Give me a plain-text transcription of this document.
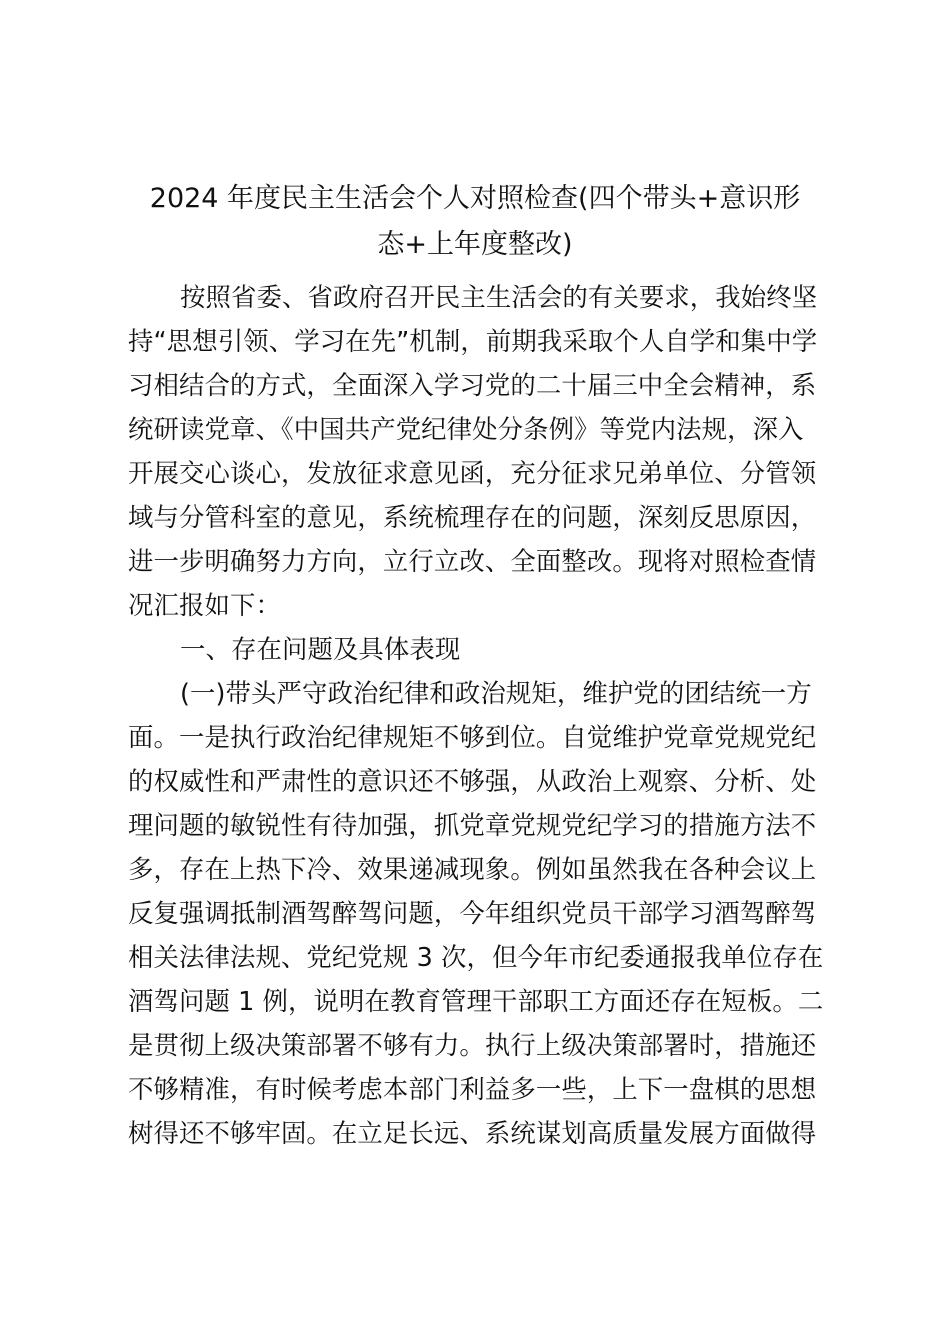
2024 年度民主生活会个人对照检查(四个带头+意识形
态+上年度整改)
按照省委、省政府召开民主生活会的有关要求，我始终坚
持“思想引领、学习在先”机制，前期我采取个人自学和集中学
习相结合的方式，全面深入学习党的二十届三中全会精神，系
统研读党章、《中国共产党纪律处分条例》等党内法规，深入
开展交心谈心，发放征求意见函，充分征求兄弟单位、分管领
域与分管科室的意见，系统梳理存在的问题，深刻反思原因，
进一步明确努力方向，立行立改、全面整改。现将对照检查情
况汇报如下：
一、存在问题及具体表现
(一)带头严守政治纪律和政治规矩，维护党的团结统一方
面。一是执行政治纪律规矩不够到位。自觉维护党章党规党纪
的权威性和严肃性的意识还不够强，从政治上观察、分析、处
理问题的敏锐性有待加强，抓党章党规党纪学习的措施方法不
多，存在上热下冷、效果递减现象。例如虽然我在各种会议上
反复强调抵制酒驾醉驾问题，今年组织党员干部学习酒驾醉驾
相关法律法规、党纪党规 3 次，但今年市纪委通报我单位存在
酒驾问题 1 例，说明在教育管理干部职工方面还存在短板。二
是贯彻上级决策部署不够有力。执行上级决策部署时，措施还
不够精准，有时候考虑本部门利益多一些，上下一盘棋的思想
树得还不够牢固。在立足长远、系统谋划高质量发展方面做得
